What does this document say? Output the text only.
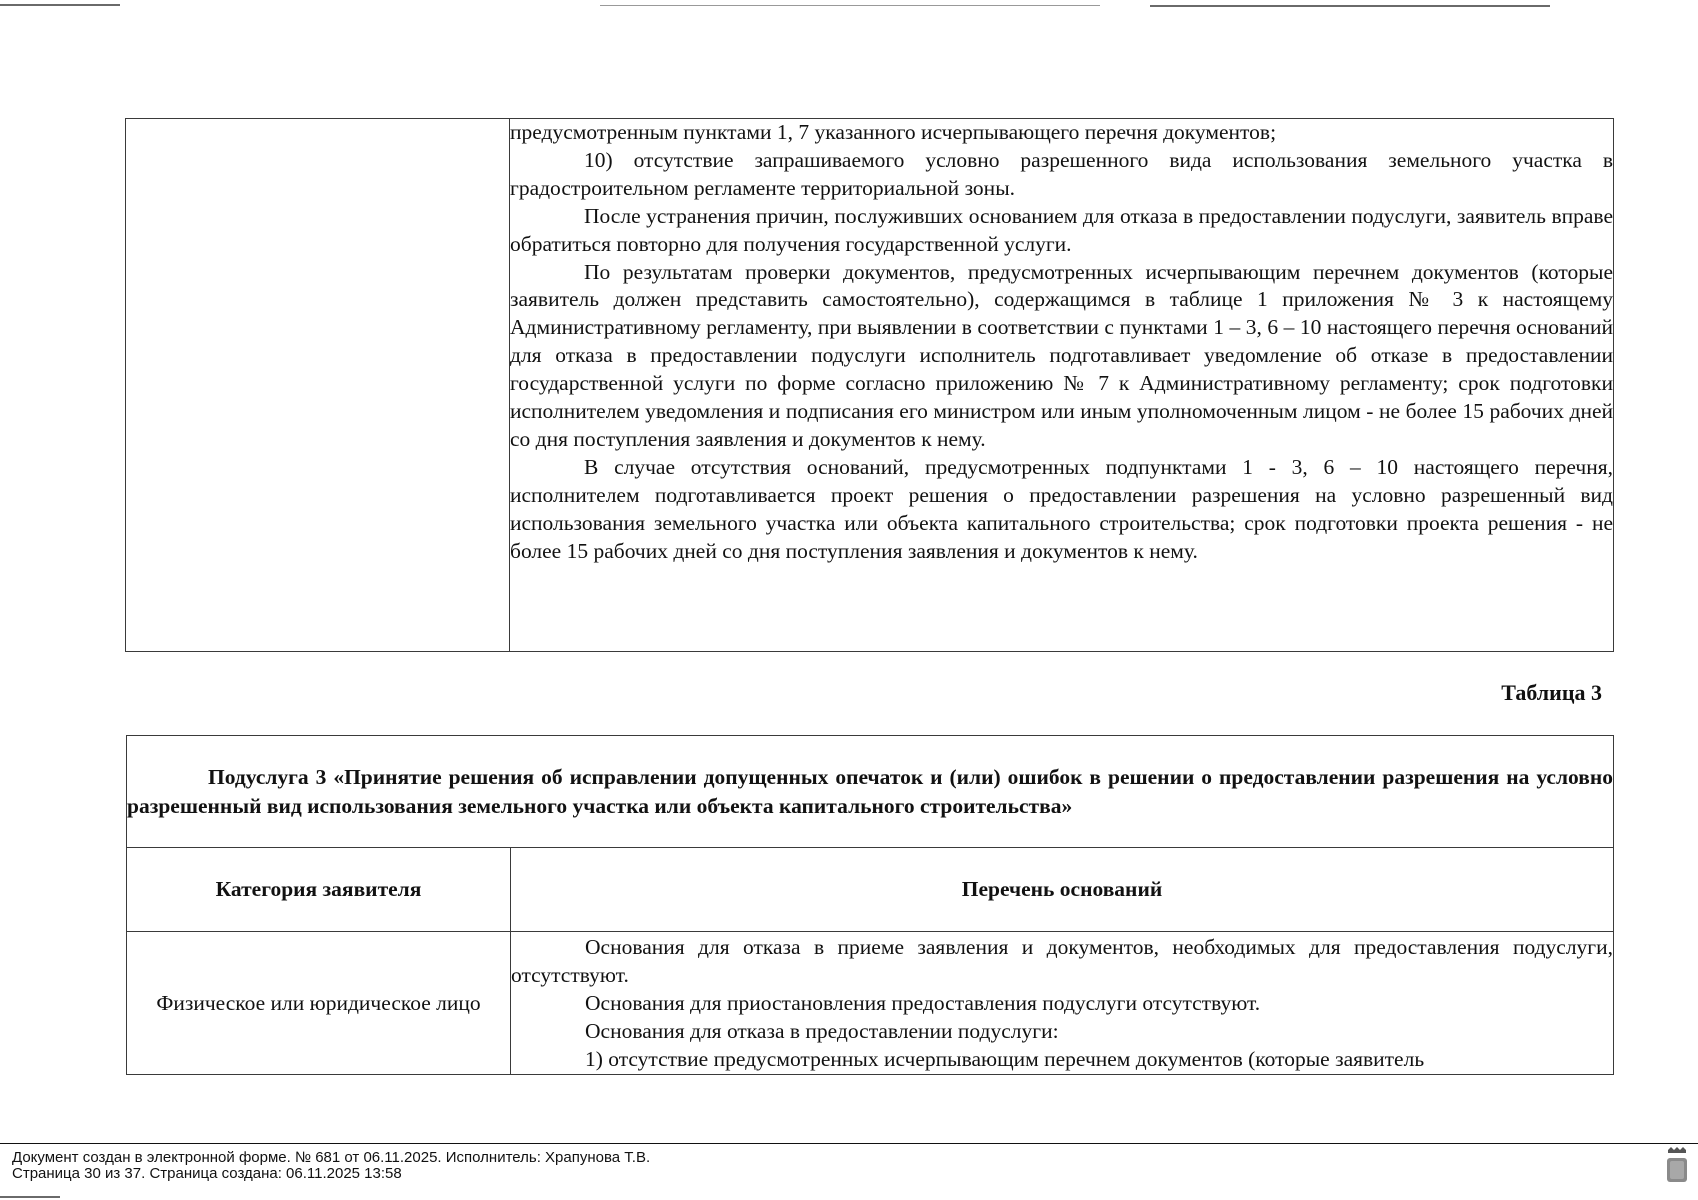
предусмотренным пунктами 1, 7 указанного исчерпывающего перечня документов;

10) отсутствие запрашиваемого условно разрешенного вида использования земельного участка в градостроительном регламенте территориальной зоны.

После устранения причин, послуживших основанием для отказа в предоставлении подуслуги, заявитель вправе обратиться повторно для получения государственной услуги.

По результатам проверки документов, предусмотренных исчерпывающим перечнем документов (которые заявитель должен представить самостоятельно), содержащимся в таблице 1 приложения № 3 к настоящему Административному регламенту, при выявлении в соответствии с пунктами 1 – 3, 6 – 10 настоящего перечня оснований для отказа в предоставлении подуслуги исполнитель подготавливает уведомление об отказе в предоставлении государственной услуги по форме согласно приложению № 7 к Административному регламенту; срок подготовки исполнителем уведомления и подписания его министром или иным уполномоченным лицом - не более 15 рабочих дней со дня поступления заявления и документов к нему.

В случае отсутствия оснований, предусмотренных подпунктами 1 - 3, 6 – 10 настоящего перечня, исполнителем подготавливается проект решения о предоставлении разрешения на условно разрешенный вид использования земельного участка или объекта капитального строительства; срок подготовки проекта решения - не более 15 рабочих дней со дня поступления заявления и документов к нему.

Таблица 3

Подуслуга 3 «Принятие решения об исправлении допущенных опечаток и (или) ошибок в решении о предоставлении разрешения на условно разрешенный вид использования земельного участка или объекта капитального строительства»	

Категория заявителя	Перечень оснований
Физическое или юридическое лицо	Основания для отказа в приеме заявления и документов, необходимых для предоставления подуслуги, отсутствуют.

Основания для приостановления предоставления подуслуги отсутствуют.

Основания для отказа в предоставлении подуслуги:

1) отсутствие предусмотренных исчерпывающим перечнем документов (которые заявитель

Документ создан в электронной форме. № 681 от 06.11.2025. Исполнитель: Храпунова Т.В.
Страница 30 из 37. Страница создана: 06.11.2025 13:58
